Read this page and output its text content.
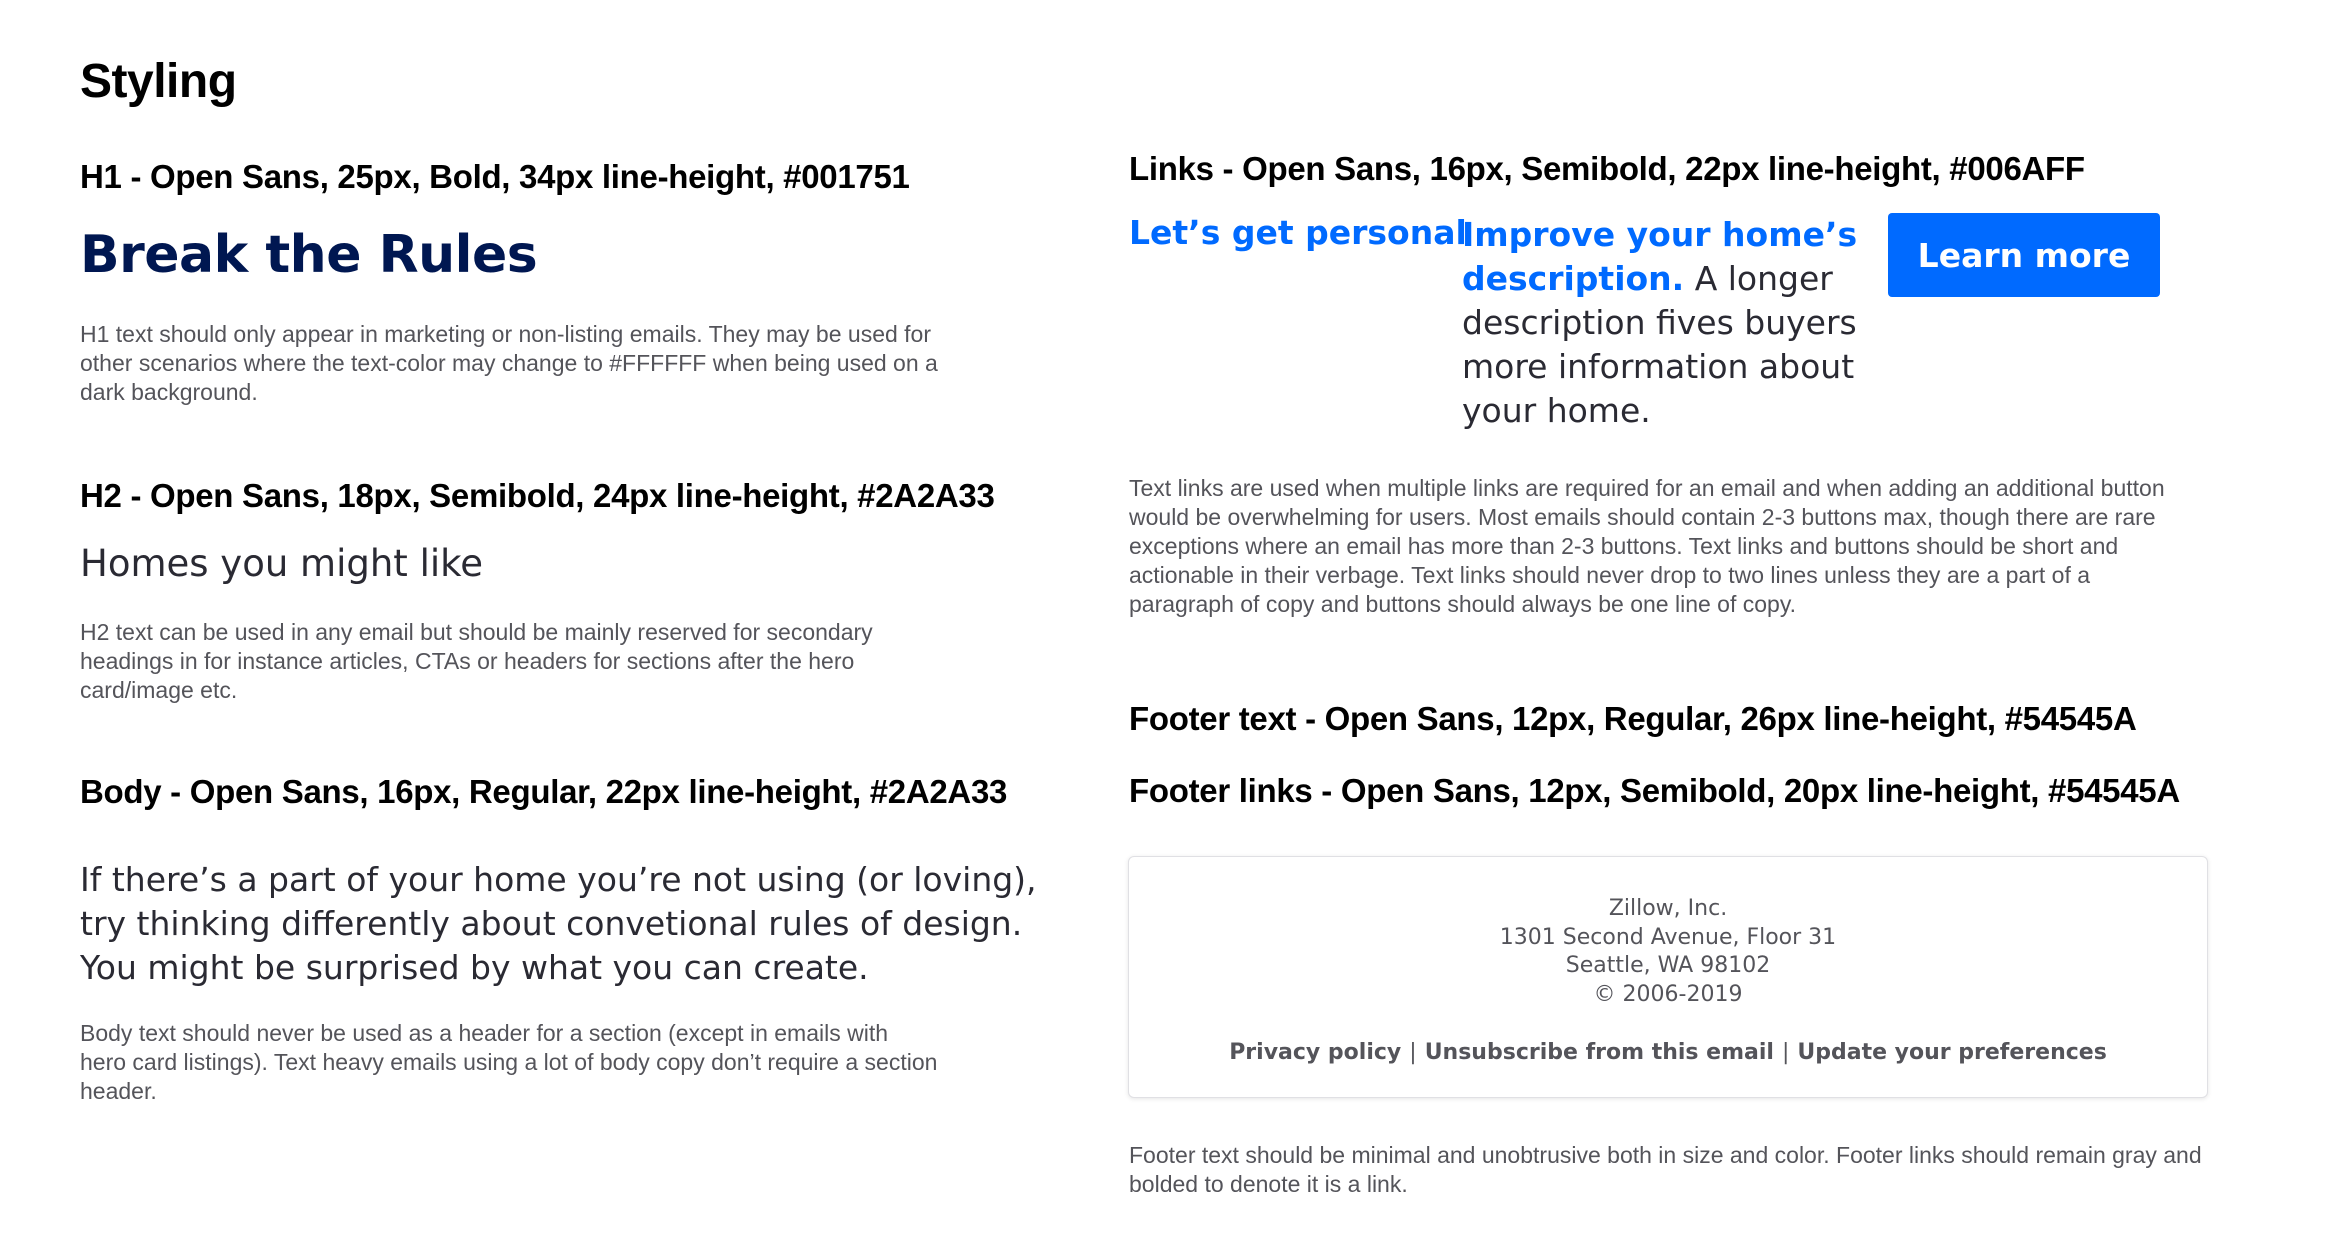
Styling
H1 - Open Sans, 25px, Bold, 34px line-height, #001751
Break the Rules
H1 text should only appear in marketing or non-listing emails. They may be used for other scenarios where the text-color may change to #FFFFFF when being used on a dark background.
H2 - Open Sans, 18px, Semibold, 24px line-height, #2A2A33
Homes you might like
H2 text can be used in any email but should be mainly reserved for secondary headings in for instance articles, CTAs or headers for sections after the hero card/image etc.
Body - Open Sans, 16px, Regular, 22px line-height, #2A2A33
If there’s a part of your home you’re not using (or loving), try thinking differently about convetional rules of design. You might be surprised by what you can create.
Body text should never be used as a header for a section (except in emails with hero card listings). Text heavy emails using a lot of body copy don’t require a section header.
Links - Open Sans, 16px, Semibold, 22px line-height, #006AFF
Let’s get personal
Improve your home’s description. A longer description fives buyers more information about your home.
Learn more
Text links are used when multiple links are required for an email and when adding an additional button would be overwhelming for users. Most emails should contain 2-3 buttons max, though there are rare exceptions where an email has more than 2-3 buttons. Text links and buttons should be short and actionable in their verbage. Text links should never drop to two lines unless they are a part of a paragraph of copy and buttons should always be one line of copy.
Footer text - Open Sans, 12px, Regular, 26px line-height, #54545A
Footer links - Open Sans, 12px, Semibold, 20px line-height, #54545A
Zillow, Inc.
1301 Second Avenue, Floor 31
Seattle, WA 98102
© 2006-2019
Privacy policy | Unsubscribe from this email | Update your preferences
Footer text should be minimal and unobtrusive both in size and color. Footer links should remain gray and bolded to denote it is a link.
